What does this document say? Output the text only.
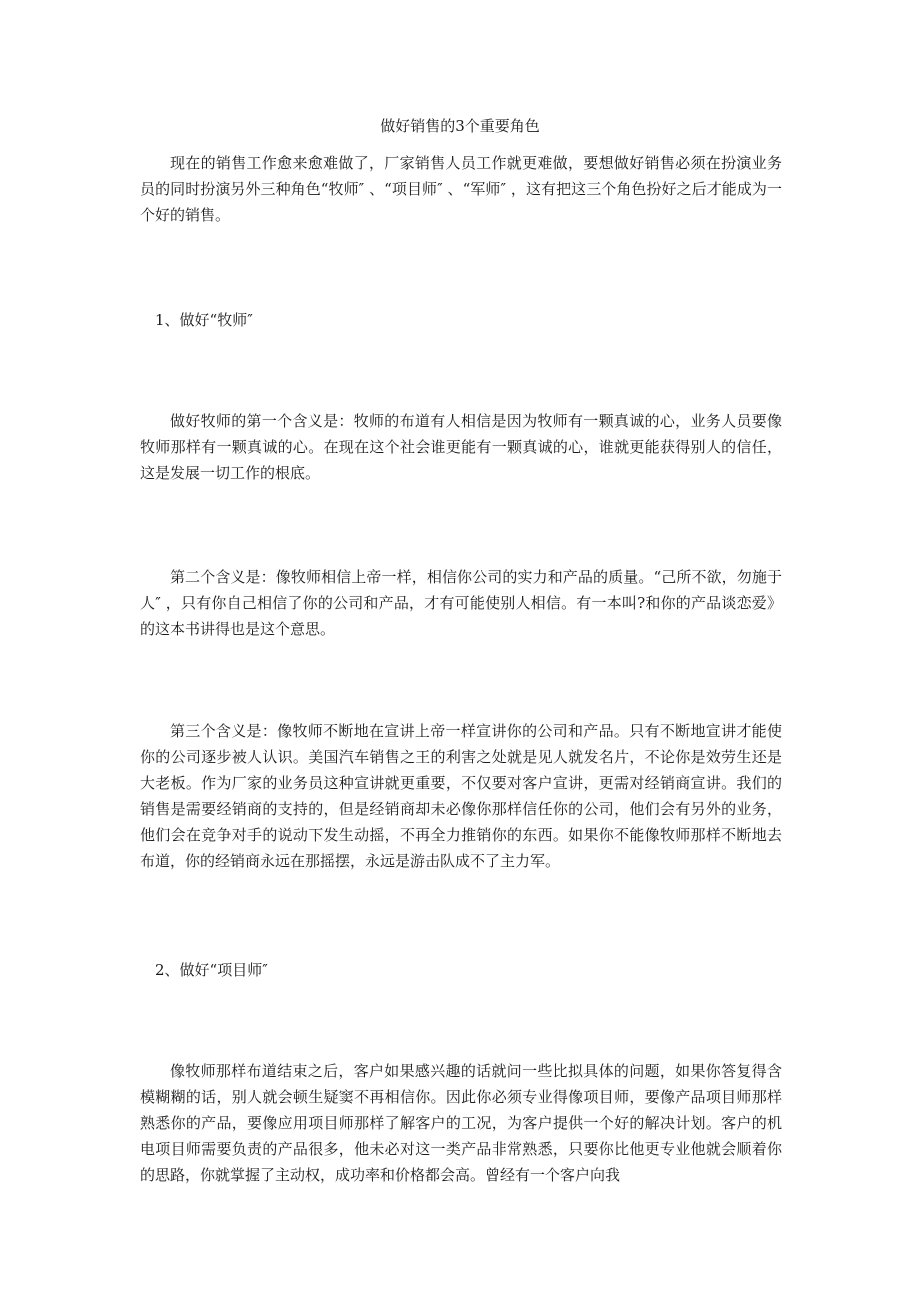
做好销售的3个重要角色

现在的销售工作愈来愈难做了，厂家销售人员工作就更难做，要想做好销售必须在扮演业务员的同时扮演另外三种角色“牧师″ 、“项目师″ 、“军师″ ，这有把这三个角色扮好之后才能成为一个好的销售。

1、做好“牧师″

做好牧师的第一个含义是：牧师的布道有人相信是因为牧师有一颗真诚的心，业务人员要像牧师那样有一颗真诚的心。在现在这个社会谁更能有一颗真诚的心，谁就更能获得别人的信任，这是发展一切工作的根底。

第二个含义是：像牧师相信上帝一样，相信你公司的实力和产品的质量。“己所不欲，勿施于人″ ，只有你自己相信了你的公司和产品，才有可能使别人相信。有一本叫?和你的产品谈恋爱》的这本书讲得也是这个意思。

第三个含义是：像牧师不断地在宣讲上帝一样宣讲你的公司和产品。只有不断地宣讲才能使你的公司逐步被人认识。美国汽车销售之王的利害之处就是见人就发名片，不论你是效劳生还是大老板。作为厂家的业务员这种宣讲就更重要，不仅要对客户宣讲，更需对经销商宣讲。我们的销售是需要经销商的支持的，但是经销商却未必像你那样信任你的公司，他们会有另外的业务，他们会在竞争对手的说动下发生动摇，不再全力推销你的东西。如果你不能像牧师那样不断地去布道，你的经销商永远在那摇摆，永远是游击队成不了主力军。

2、做好“项目师″

像牧师那样布道结束之后，客户如果感兴趣的话就问一些比拟具体的问题，如果你答复得含模糊糊的话，别人就会顿生疑窦不再相信你。因此你必须专业得像项目师，要像产品项目师那样熟悉你的产品，要像应用项目师那样了解客户的工况，为客户提供一个好的解决计划。客户的机电项目师需要负责的产品很多，他未必对这一类产品非常熟悉，只要你比他更专业他就会顺着你的思路，你就掌握了主动权，成功率和价格都会高。曾经有一个客户向我
